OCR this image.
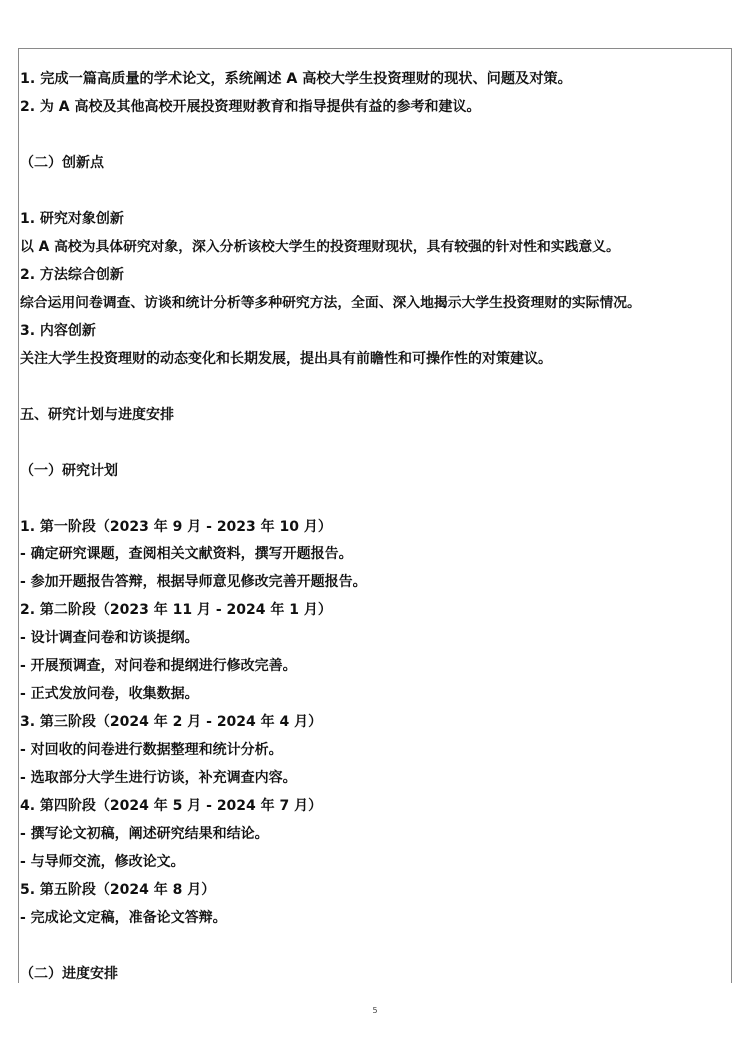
1. 完成一篇高质量的学术论文，系统阐述 A 高校大学生投资理财的现状、问题及对策。
2. 为 A 高校及其他高校开展投资理财教育和指导提供有益的参考和建议。
（二）创新点
1. 研究对象创新
以 A 高校为具体研究对象，深入分析该校大学生的投资理财现状，具有较强的针对性和实践意义。
2. 方法综合创新
综合运用问卷调查、访谈和统计分析等多种研究方法，全面、深入地揭示大学生投资理财的实际情况。
3. 内容创新
关注大学生投资理财的动态变化和长期发展，提出具有前瞻性和可操作性的对策建议。
五、研究计划与进度安排
（一）研究计划
1. 第一阶段（2023 年 9 月 - 2023 年 10 月）
- 确定研究课题，查阅相关文献资料，撰写开题报告。
- 参加开题报告答辩，根据导师意见修改完善开题报告。
2. 第二阶段（2023 年 11 月 - 2024 年 1 月）
- 设计调查问卷和访谈提纲。
- 开展预调查，对问卷和提纲进行修改完善。
- 正式发放问卷，收集数据。
3. 第三阶段（2024 年 2 月 - 2024 年 4 月）
- 对回收的问卷进行数据整理和统计分析。
- 选取部分大学生进行访谈，补充调查内容。
4. 第四阶段（2024 年 5 月 - 2024 年 7 月）
- 撰写论文初稿，阐述研究结果和结论。
- 与导师交流，修改论文。
5. 第五阶段（2024 年 8 月）
- 完成论文定稿，准备论文答辩。
（二）进度安排
5
